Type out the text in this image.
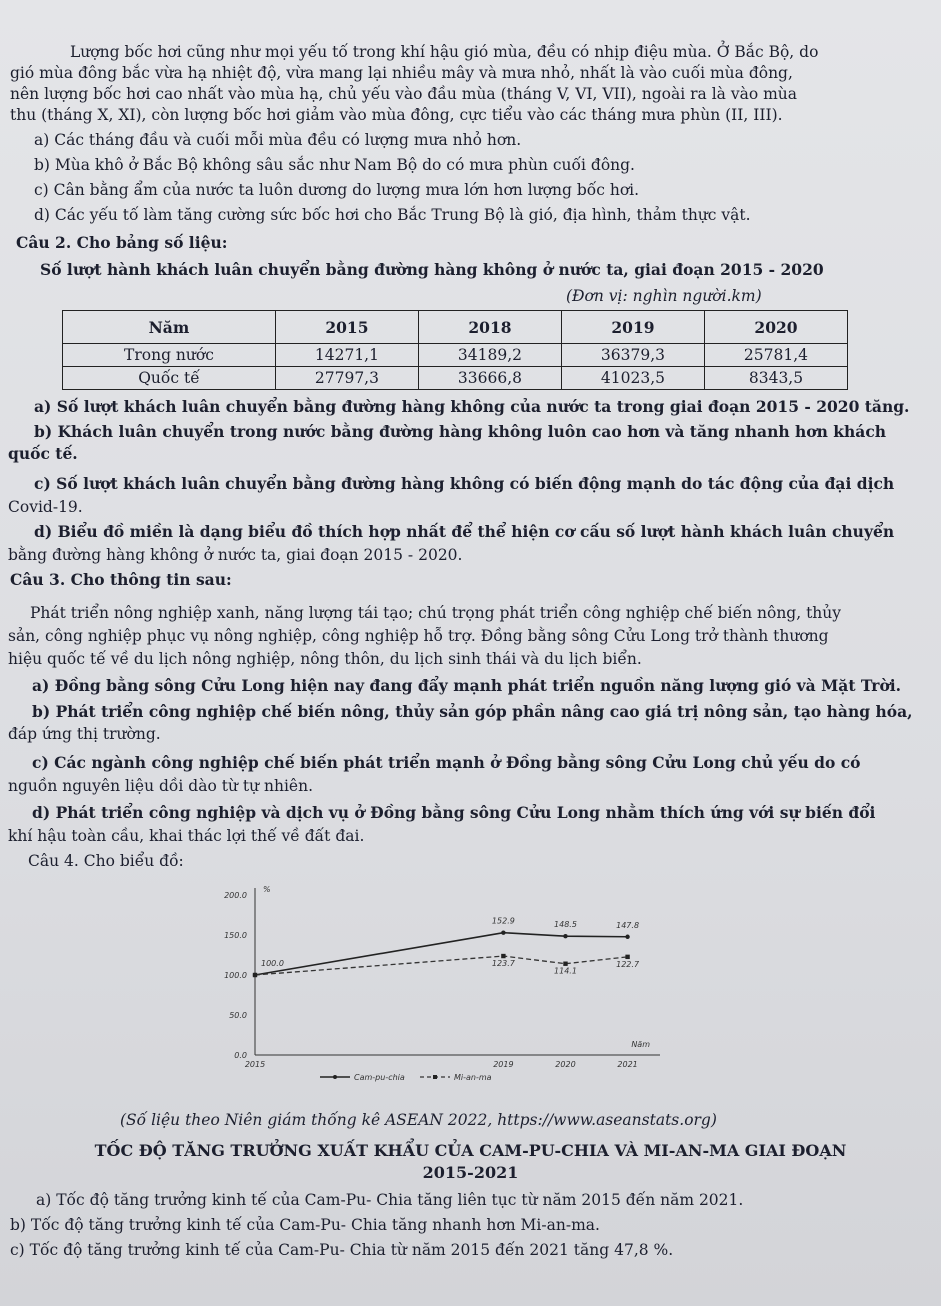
Lượng bốc hơi cũng như mọi yếu tố trong khí hậu gió mùa, đều có nhịp điệu mùa. Ở Bắc Bộ, do
gió mùa đông bắc vừa hạ nhiệt độ, vừa mang lại nhiều mây và mưa nhỏ, nhất là vào cuối mùa đông,
nên lượng bốc hơi cao nhất vào mùa hạ, chủ yếu vào đầu mùa (tháng V, VI, VII), ngoài ra là vào mùa
thu (tháng X, XI), còn lượng bốc hơi giảm vào mùa đông, cực tiểu vào các tháng mưa phùn (II, III).
a) Các tháng đầu và cuối mỗi mùa đều có lượng mưa nhỏ hơn.
b) Mùa khô ở Bắc Bộ không sâu sắc như Nam Bộ do có mưa phùn cuối đông.
c) Cân bằng ẩm của nước ta luôn dương do lượng mưa lớn hơn lượng bốc hơi.
d) Các yếu tố làm tăng cường sức bốc hơi cho Bắc Trung Bộ là gió, địa hình, thảm thực vật.
Câu 2. Cho bảng số liệu:
Số lượt hành khách luân chuyển bằng đường hàng không ở nước ta, giai đoạn 2015 - 2020
(Đơn vị: nghìn người.km)
Năm	2015	2018	2019	2020
Trong nước	14271,1	34189,2	36379,3	25781,4
Quốc tế	27797,3	33666,8	41023,5	8343,5
a) Số lượt khách luân chuyển bằng đường hàng không của nước ta trong giai đoạn 2015 - 2020 tăng.
b) Khách luân chuyển trong nước bằng đường hàng không luôn cao hơn và tăng nhanh hơn khách
quốc tế.
c) Số lượt khách luân chuyển bằng đường hàng không có biến động mạnh do tác động của đại dịch
Covid-19.
d) Biểu đồ miền là dạng biểu đồ thích hợp nhất để thể hiện cơ cấu số lượt hành khách luân chuyển
bằng đường hàng không ở nước ta, giai đoạn 2015 - 2020.
Câu 3. Cho thông tin sau:
Phát triển nông nghiệp xanh, năng lượng tái tạo; chú trọng phát triển công nghiệp chế biến nông, thủy
sản, công nghiệp phục vụ nông nghiệp, công nghiệp hỗ trợ. Đồng bằng sông Cửu Long trở thành thương
hiệu quốc tế về du lịch nông nghiệp, nông thôn, du lịch sinh thái và du lịch biển.
a) Đồng bằng sông Cửu Long hiện nay đang đẩy mạnh phát triển nguồn năng lượng gió và Mặt Trời.
b) Phát triển công nghiệp chế biến nông, thủy sản góp phần nâng cao giá trị nông sản, tạo hàng hóa,
đáp ứng thị trường.
c) Các ngành công nghiệp chế biến phát triển mạnh ở Đồng bằng sông Cửu Long chủ yếu do có
nguồn nguyên liệu dồi dào từ tự nhiên.
d) Phát triển công nghiệp và dịch vụ ở Đồng bằng sông Cửu Long nhằm thích ứng với sự biến đổi
khí hậu toàn cầu, khai thác lợi thế về đất đai.
Câu 4. Cho biểu đồ:
200.0
150.0
100.0
50.0
0.0
%
2015	2019	2020	2021
Năm
100.0
152.9	148.5	147.8
123.7
114.1
122.7
Cam-pu-chia	Mi-an-ma
(Số liệu theo Niên giám thống kê ASEAN 2022, https://www.aseanstats.org)
TỐC ĐỘ TĂNG TRƯỞNG XUẤT KHẨU CỦA CAM-PU-CHIA VÀ MI-AN-MA GIAI ĐOẠN
2015-2021
a) Tốc độ tăng trưởng kinh tế của Cam-Pu- Chia tăng liên tục từ năm 2015 đến năm 2021.
b) Tốc độ tăng trưởng kinh tế của Cam-Pu- Chia tăng nhanh hơn Mi-an-ma.
c) Tốc độ tăng trưởng kinh tế của Cam-Pu- Chia từ năm 2015 đến 2021 tăng 47,8 %.
